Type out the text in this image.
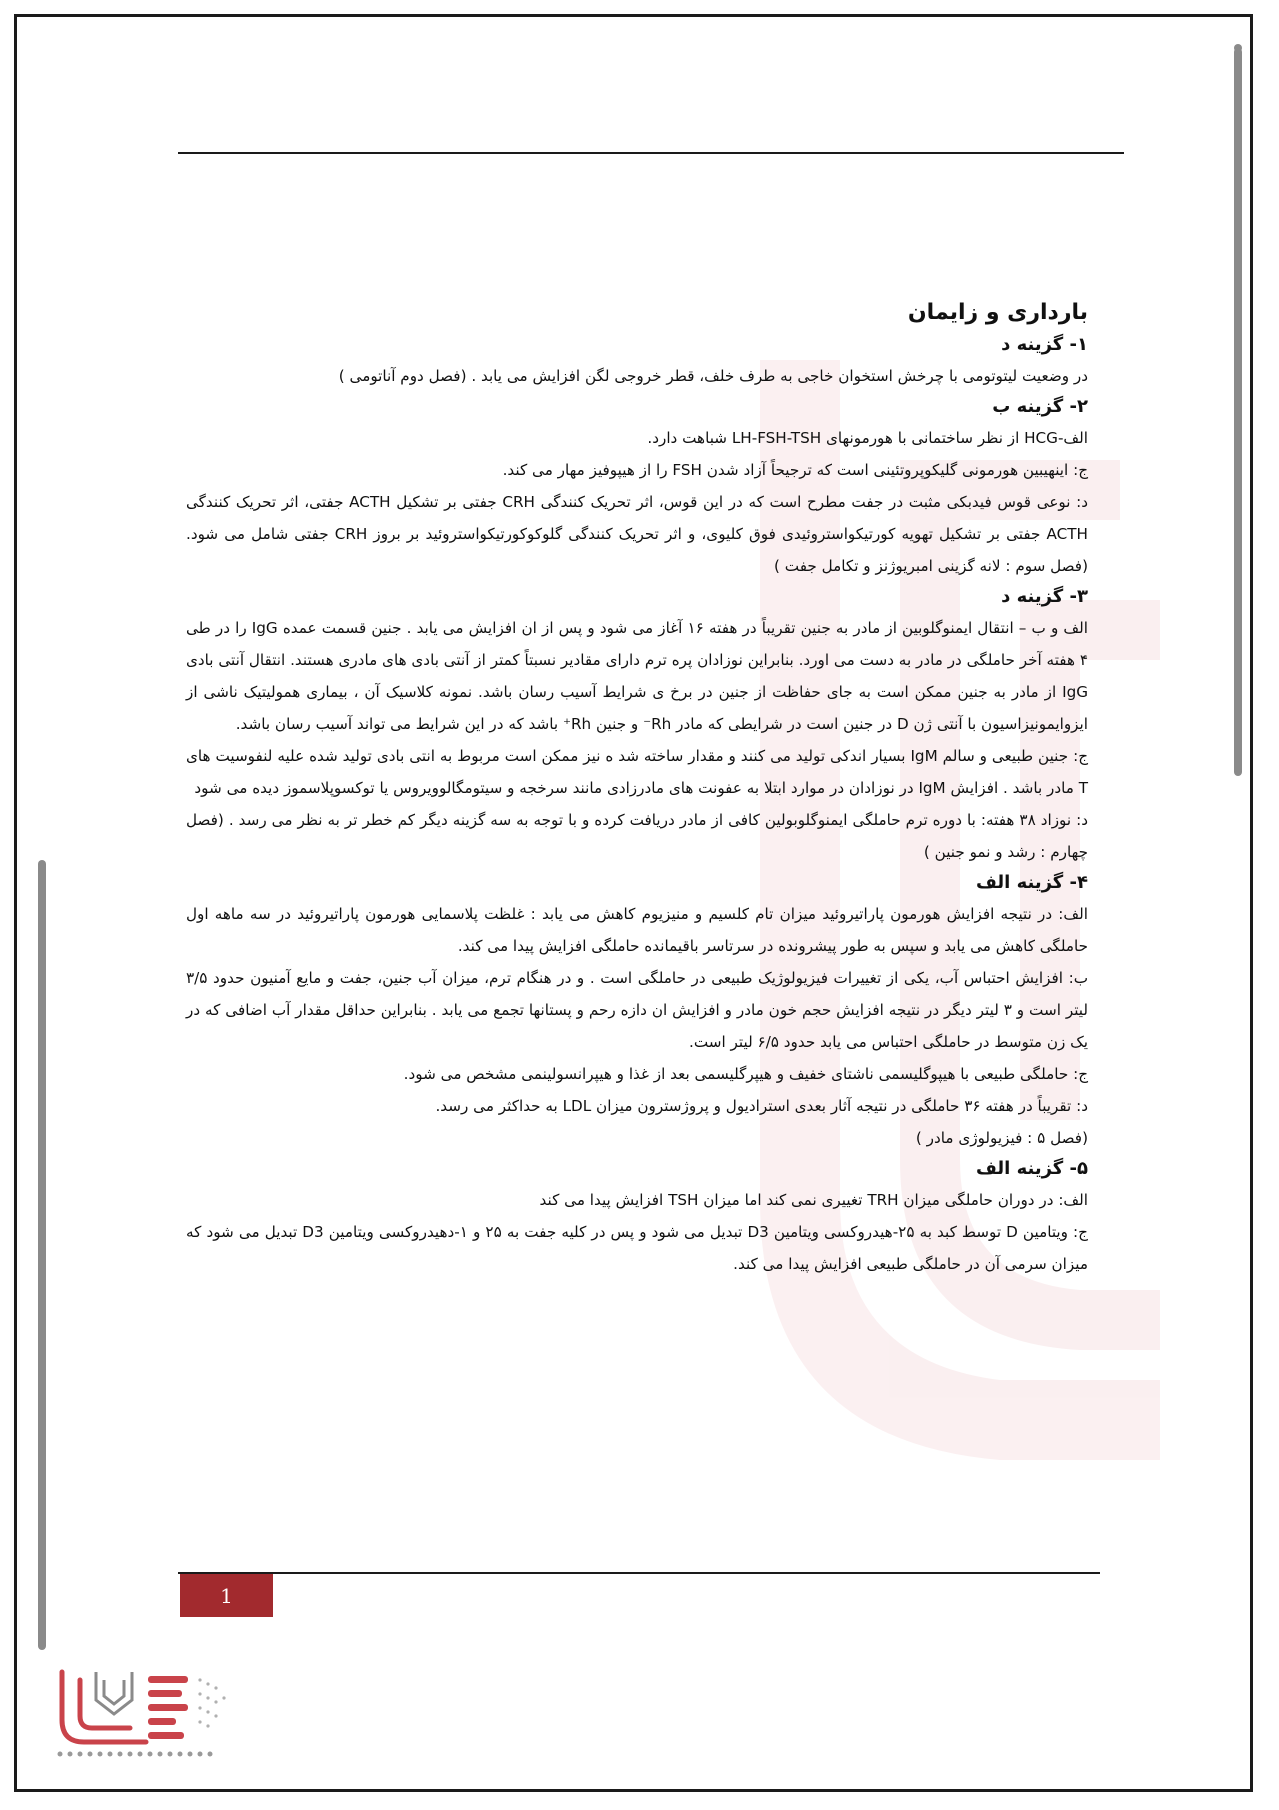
بارداری و زایمان

۱- گزینه د

در وضعیت لیتوتومی با چرخش استخوان خاجی به طرف خلف، قطر خروجی لگن افزایش می یابد . (فصل دوم آناتومی )

۲- گزینه ب

الف-HCG از نظر ساختمانی با هورمونهای LH-FSH-TSH شباهت دارد.

ج: اینهیبین هورمونی گلیکوپروتئینی است که ترجیحاً آزاد شدن FSH را از هیپوفیز مهار می کند.

د: نوعی قوس فیدبکی مثبت در جفت مطرح است که در این قوس، اثر تحریک کنندگی CRH جفتی بر تشکیل ACTH جفتی، اثر تحریک کنندگی ACTH جفتی بر تشکیل تهویه کورتیکواستروئیدی فوق کلیوی، و اثر تحریک کنندگی گلوکوکورتیکواستروئید بر بروز CRH جفتی شامل می شود.(فصل سوم : لانه گزینی امبریوژنز و تکامل جفت )

۳- گزینه د

الف و ب – انتقال ایمنوگلوبین از مادر به جنین تقریباً در هفته ۱۶ آغاز می شود و پس از ان افزایش می یابد . جنین قسمت عمده IgG را در طی ۴ هفته آخر حاملگی در مادر به دست می اورد. بنابراین نوزادان پره ترم دارای مقادیر نسبتاً کمتر از آنتی بادی های مادری هستند. انتقال آنتی بادی IgG از مادر به جنین ممکن است به جای حفاظت از جنین در برخ ی شرایط آسیب رسان باشد. نمونه کلاسیک آن ، بیماری همولیتیک ناشی از ایزوایمونیزاسیون با آنتی ژن D در جنین است در شرایطی که مادر Rh⁻ و جنین Rh⁺ باشد که در این شرایط می تواند آسیب رسان باشد.

ج: جنین طبیعی و سالم IgM بسیار اندکی تولید می کنند و مقدار ساخته شد ه نیز ممکن است مربوط به انتی بادی تولید شده علیه لنفوسیت های T مادر باشد . افزایش IgM در نوزادان در موارد ابتلا به عفونت های مادرزادی مانند سرخجه و سیتومگالوویروس یا توکسوپلاسموز دیده می شود

د: نوزاد ۳۸ هفته: با دوره ترم حاملگی ایمنوگلوبولین کافی از مادر دریافت کرده و با توجه به سه گزینه دیگر کم خطر تر به نظر می رسد . (فصل چهارم : رشد و نمو جنین )

۴- گزینه الف

الف: در نتیجه افزایش هورمون پاراتیروئید میزان تام کلسیم و منیزیوم کاهش می یابد : غلظت پلاسمایی هورمون پاراتیروئید در سه ماهه اول حاملگی کاهش می یابد و سپس به طور پیشرونده در سرتاسر باقیمانده حاملگی افزایش پیدا می کند.

ب: افزایش احتباس آب، یکی از تغییرات فیزیولوژیک طبیعی در حاملگی است . و در هنگام ترم، میزان آب جنین، جفت و مایع آمنیون حدود ۳/۵ لیتر است و ۳ لیتر دیگر در نتیجه افزایش حجم خون مادر و افزایش ان دازه رحم و پستانها تجمع می یابد . بنابراین حداقل مقدار آب اضافی که در یک زن متوسط در حاملگی احتباس می یابد حدود ۶/۵ لیتر است.

ج: حاملگی طبیعی با هیپوگلیسمی ناشتای خفیف و هیپرگلیسمی بعد از غذا و هیپرانسولینمی مشخص می شود.

د: تقریباً در هفته ۳۶ حاملگی در نتیجه آثار بعدی استرادیول و پروژسترون میزان LDL به حداکثر می رسد.

(فصل ۵ : فیزیولوژی مادر )

۵- گزینه الف

الف: در دوران حاملگی میزان TRH تغییری نمی کند اما میزان TSH افزایش پیدا می کند

ج: ویتامین D توسط کبد به ۲۵-هیدروکسی ویتامین D3 تبدیل می شود و پس در کلیه جفت به ۲۵ و ۱-دهیدروکسی ویتامین D3 تبدیل می شود که میزان سرمی آن در حاملگی طبیعی افزایش پیدا می کند.

1
